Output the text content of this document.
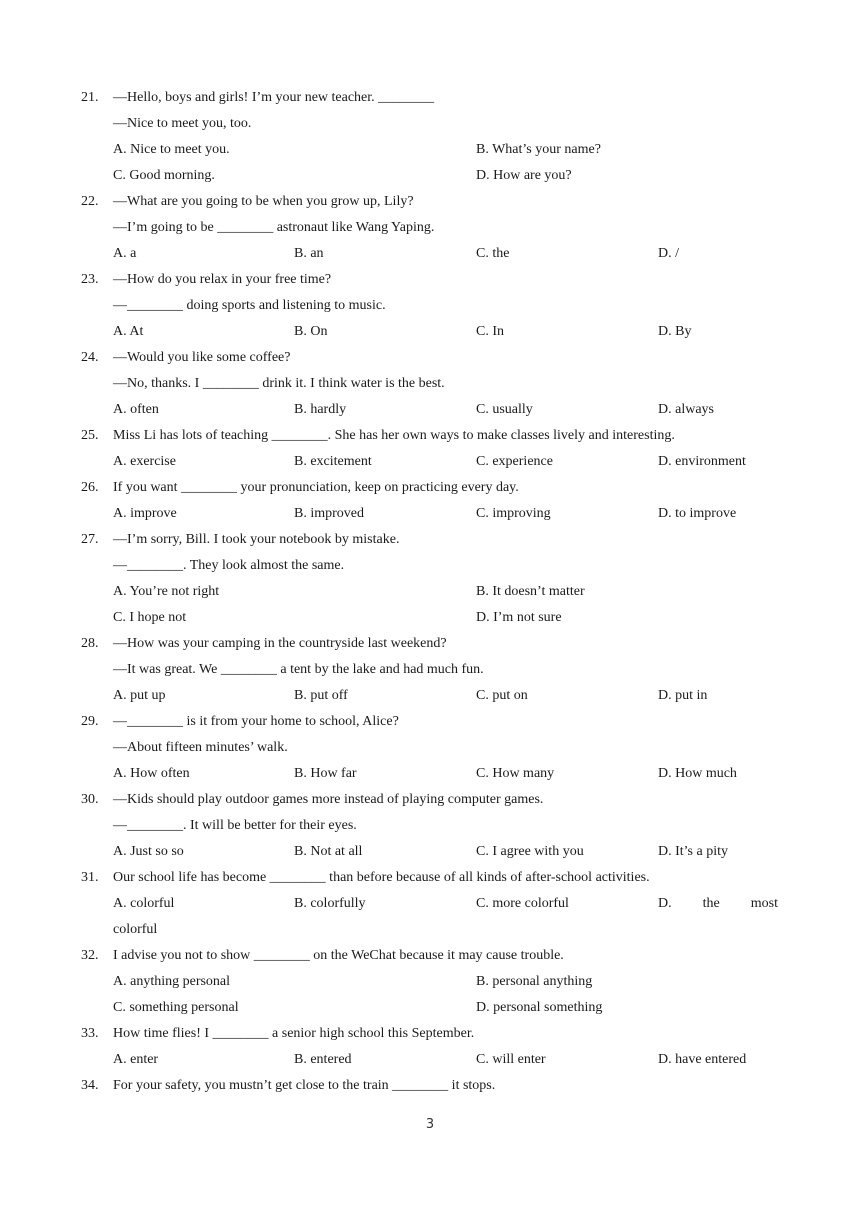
21. —Hello, boys and girls! I’m your new teacher. ________
—Nice to meet you, too.
A. Nice to meet you.	B. What’s your name?
C. Good morning.	D. How are you?
22. —What are you going to be when you grow up, Lily?
—I’m going to be ________ astronaut like Wang Yaping.
A. a	B. an	C. the	D. /
23. —How do you relax in your free time?
—________ doing sports and listening to music.
A. At	B. On	C. In	D. By
24. —Would you like some coffee?
—No, thanks. I ________ drink it. I think water is the best.
A. often	B. hardly	C. usually	D. always
25. Miss Li has lots of teaching ________. She has her own ways to make classes lively and interesting.
A. exercise	B. excitement	C. experience	D. environment
26. If you want ________ your pronunciation, keep on practicing every day.
A. improve	B. improved	C. improving	D. to improve
27. —I’m sorry, Bill. I took your notebook by mistake.
—________. They look almost the same.
A. You’re not right	B. It doesn’t matter
C. I hope not	D. I’m not sure
28. —How was your camping in the countryside last weekend?
—It was great. We ________ a tent by the lake and had much fun.
A. put up	B. put off	C. put on	D. put in
29. —________ is it from your home to school, Alice?
—About fifteen minutes’ walk.
A. How often	B. How far	C. How many	D. How much
30. —Kids should play outdoor games more instead of playing computer games.
—________. It will be better for their eyes.
A. Just so so	B. Not at all	C. I agree with you	D. It’s a pity
31. Our school life has become ________ than before because of all kinds of after-school activities.
A. colorful	B. colorfully	C. more colorful	D. the most
colorful
32. I advise you not to show ________ on the WeChat because it may cause trouble.
A. anything personal	B. personal anything
C. something personal	D. personal something
33. How time flies! I ________ a senior high school this September.
A. enter	B. entered	C. will enter	D. have entered
34. For your safety, you mustn’t get close to the train ________ it stops.
3
